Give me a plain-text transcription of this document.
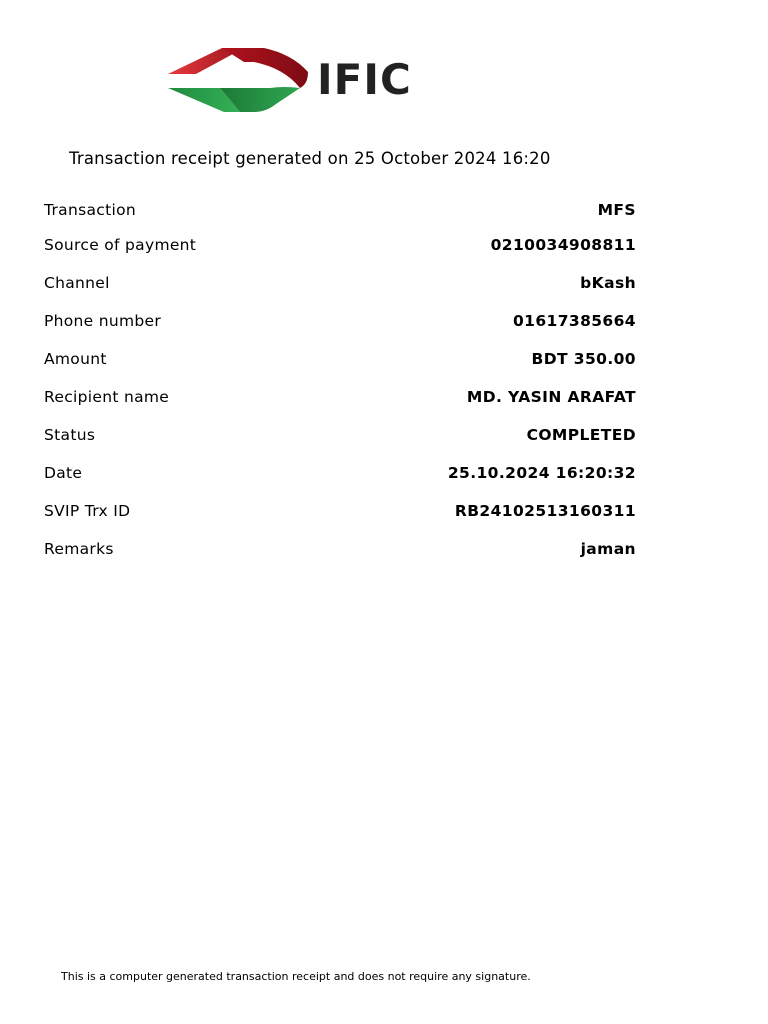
IFIC
Transaction receipt generated on 25 October 2024 16:20
Transaction	MFS
Source of payment	0210034908811
Channel	bKash
Phone number	01617385664
Amount	BDT 350.00
Recipient name	MD. YASIN ARAFAT
Status	COMPLETED
Date	25.10.2024 16:20:32
SVIP Trx ID	RB24102513160311
Remarks	jaman
This is a computer generated transaction receipt and does not require any signature.
